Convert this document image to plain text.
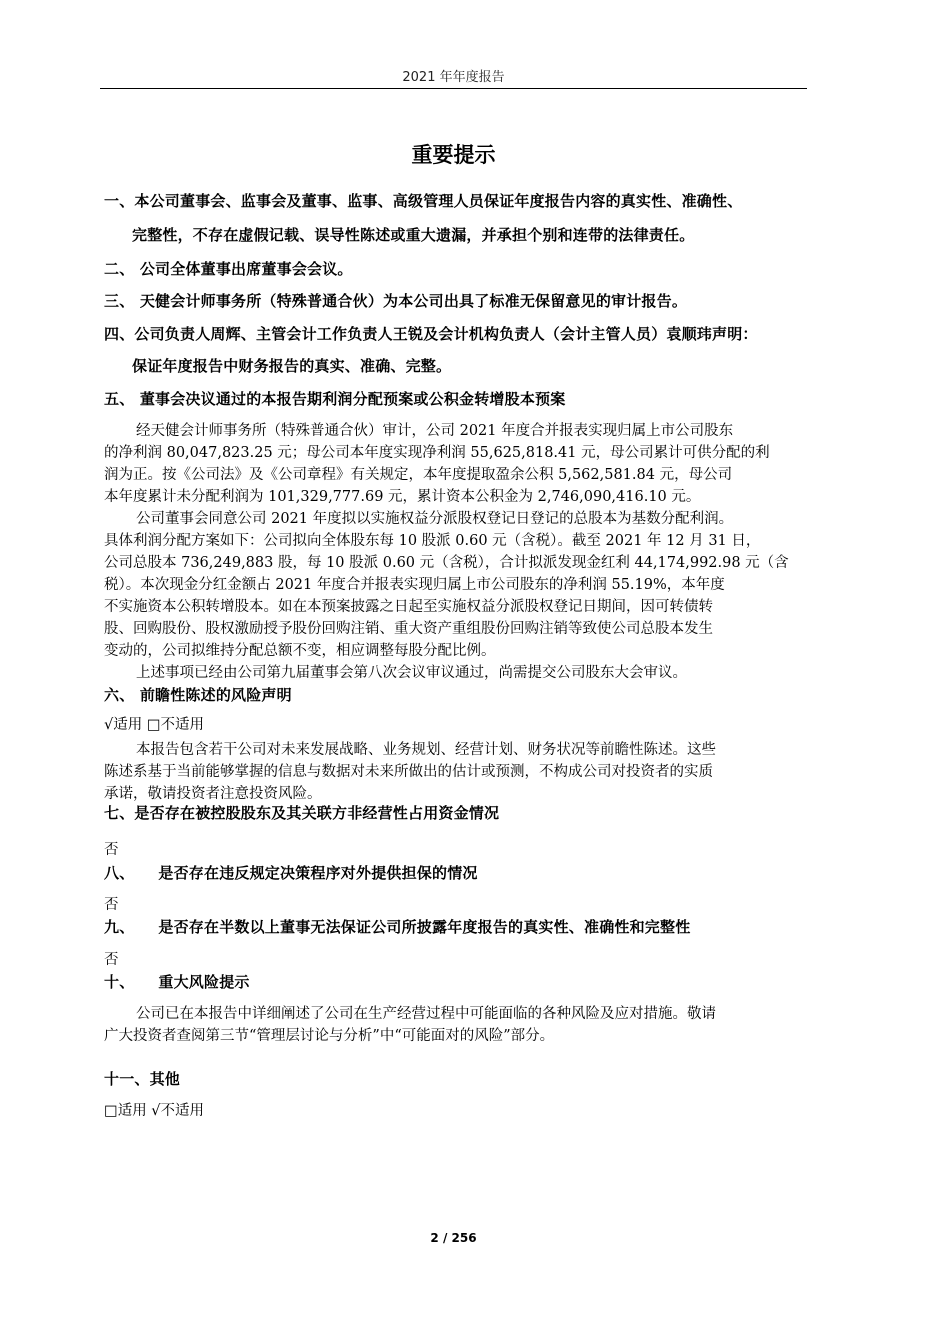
2021 年年度报告
重要提示
一、本公司董事会、监事会及董事、监事、高级管理人员保证年度报告内容的真实性、准确性、
完整性，不存在虚假记载、误导性陈述或重大遗漏，并承担个别和连带的法律责任。
二、 公司全体董事出席董事会会议。
三、 天健会计师事务所（特殊普通合伙）为本公司出具了标准无保留意见的审计报告。
四、公司负责人周辉、主管会计工作负责人王锐及会计机构负责人（会计主管人员）袁顺玮声明：
保证年度报告中财务报告的真实、准确、完整。
五、 董事会决议通过的本报告期利润分配预案或公积金转增股本预案
经天健会计师事务所（特殊普通合伙）审计，公司 2021 年度合并报表实现归属上市公司股东
的净利润 80,047,823.25 元；母公司本年度实现净利润 55,625,818.41 元，母公司累计可供分配的利
润为正。按《公司法》及《公司章程》有关规定，本年度提取盈余公积 5,562,581.84 元，母公司
本年度累计未分配利润为 101,329,777.69 元，累计资本公积金为 2,746,090,416.10 元。
公司董事会同意公司 2021 年度拟以实施权益分派股权登记日登记的总股本为基数分配利润。
具体利润分配方案如下：公司拟向全体股东每 10 股派 0.60 元（含税）。截至 2021 年 12 月 31 日，
公司总股本 736,249,883 股，每 10 股派 0.60 元（含税），合计拟派发现金红利 44,174,992.98 元（含
税）。本次现金分红金额占 2021 年度合并报表实现归属上市公司股东的净利润 55.19%，本年度
不实施资本公积转增股本。如在本预案披露之日起至实施权益分派股权登记日期间，因可转债转
股、回购股份、股权激励授予股份回购注销、重大资产重组股份回购注销等致使公司总股本发生
变动的，公司拟维持分配总额不变，相应调整每股分配比例。
上述事项已经由公司第九届董事会第八次会议审议通过，尚需提交公司股东大会审议。
六、 前瞻性陈述的风险声明
√适用 □不适用
本报告包含若干公司对未来发展战略、业务规划、经营计划、财务状况等前瞻性陈述。这些
陈述系基于当前能够掌握的信息与数据对未来所做出的估计或预测，不构成公司对投资者的实质
承诺，敬请投资者注意投资风险。
七、是否存在被控股股东及其关联方非经营性占用资金情况
否
八、 是否存在违反规定决策程序对外提供担保的情况
否
九、 是否存在半数以上董事无法保证公司所披露年度报告的真实性、准确性和完整性
否
十、 重大风险提示
公司已在本报告中详细阐述了公司在生产经营过程中可能面临的各种风险及应对措施。敬请
广大投资者查阅第三节“管理层讨论与分析”中“可能面对的风险”部分。
十一、其他
□适用 √不适用
2 / 256
